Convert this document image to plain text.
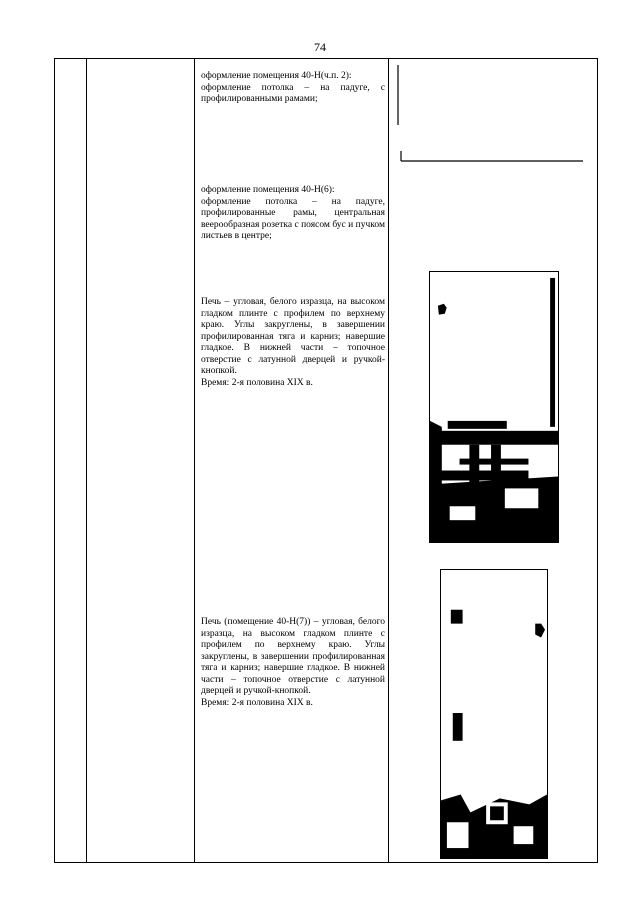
74

оформление помещения 40-Н(ч.п. 2):

оформление потолка – на падуге, с профилированными рамами;

оформление помещения 40-Н(6):

оформление потолка – на падуге, профилированные рамы, центральная веерообразная розетка с поясом бус и пучком листьев в центре;

Печь – угловая, белого изразца, на высоком гладком плинте с профилем по верхнему краю. Углы закруглены, в завершении профилированная тяга и карниз; навершие гладкое. В нижней части – топочное отверстие с латунной дверцей и ручкой-кнопкой.

Время: 2-я половина XIX в.

Печь (помещение 40-Н(7)) – угловая, белого изразца, на высоком гладком плинте с профилем по верхнему краю. Углы закруглены, в завершении профилированная тяга и карниз; навершие гладкое. В нижней части – топочное отверстие с латунной дверцей и ручкой-кнопкой.

Время: 2-я половина XIX в.
